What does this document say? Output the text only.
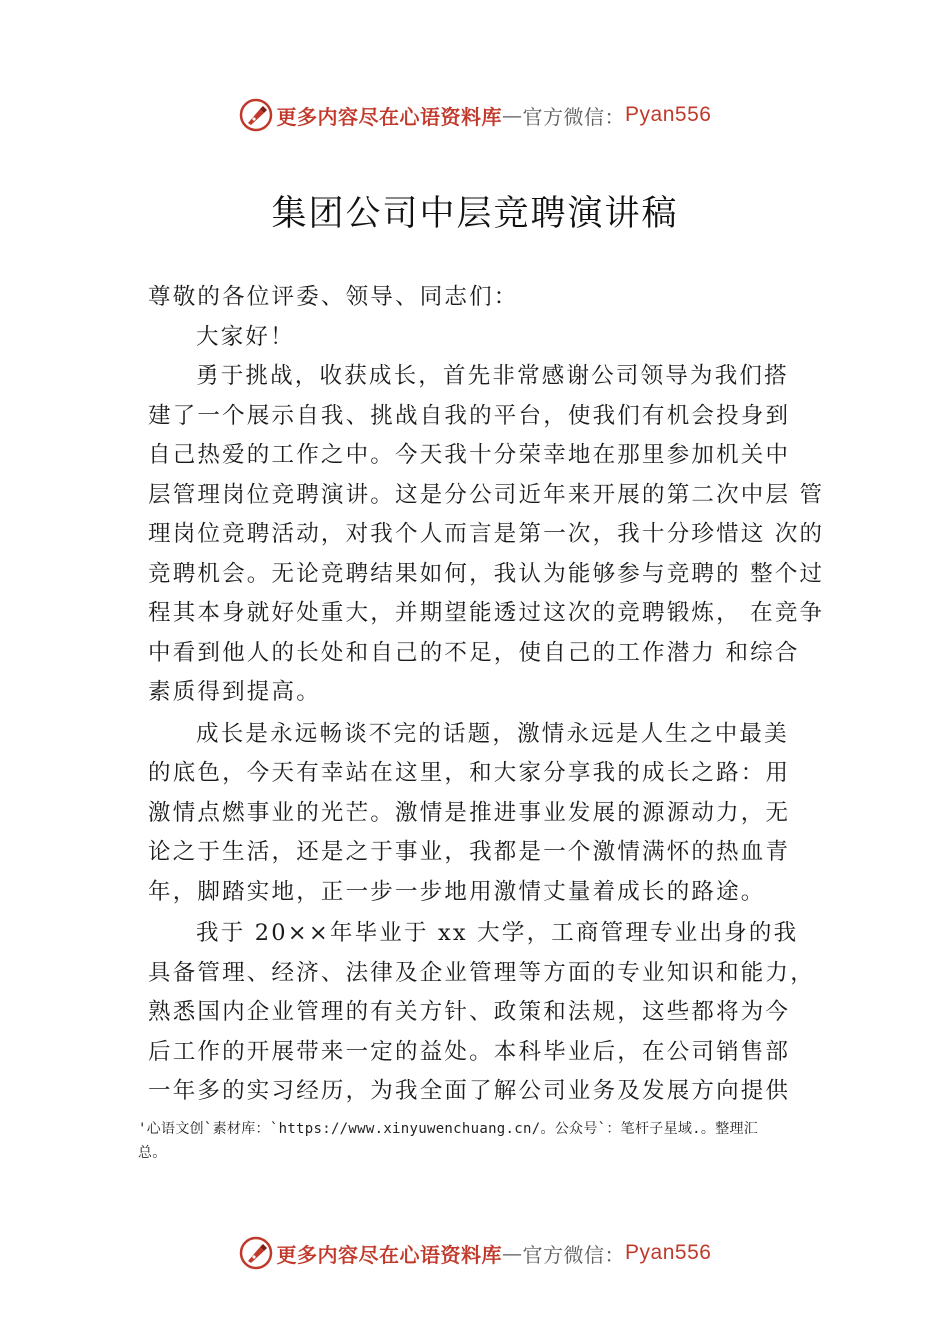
更多内容尽在心语资料库 — 官方微信： Pyan556
集团公司中层竞聘演讲稿
尊敬的各位评委、领导、同志们：
大家好！
勇于挑战，收获成长，首先非常感谢公司领导为我们搭
建了一个展示自我、挑战自我的平台，使我们有机会投身到
自己热爱的工作之中。今天我十分荣幸地在那里参加机关中
层管理岗位竞聘演讲。这是分公司近年来开展的第二次中层 管
理岗位竞聘活动，对我个人而言是第一次，我十分珍惜这 次的
竞聘机会。无论竞聘结果如何，我认为能够参与竞聘的 整个过
程其本身就好处重大，并期望能透过这次的竞聘锻炼， 在竞争
中看到他人的长处和自己的不足，使自己的工作潜力 和综合
素质得到提高。
成长是永远畅谈不完的话题，激情永远是人生之中最美
的底色，今天有幸站在这里，和大家分享我的成长之路：用
激情点燃事业的光芒。激情是推进事业发展的源源动力，无
论之于生活，还是之于事业，我都是一个激情满怀的热血青
年，脚踏实地，正一步一步地用激情丈量着成长的路途。
我于 20××年毕业于 xx 大学，工商管理专业出身的我
具备管理、经济、法律及企业管理等方面的专业知识和能力，
熟悉国内企业管理的有关方针、政策和法规，这些都将为今
后工作的开展带来一定的益处。本科毕业后，在公司销售部
一年多的实习经历，为我全面了解公司业务及发展方向提供
'心语文创`素材库：`https://www.xinyuwenchuang.cn/。公众号`：笔杆子星域.。整理汇
总。
更多内容尽在心语资料库 — 官方微信： Pyan556
